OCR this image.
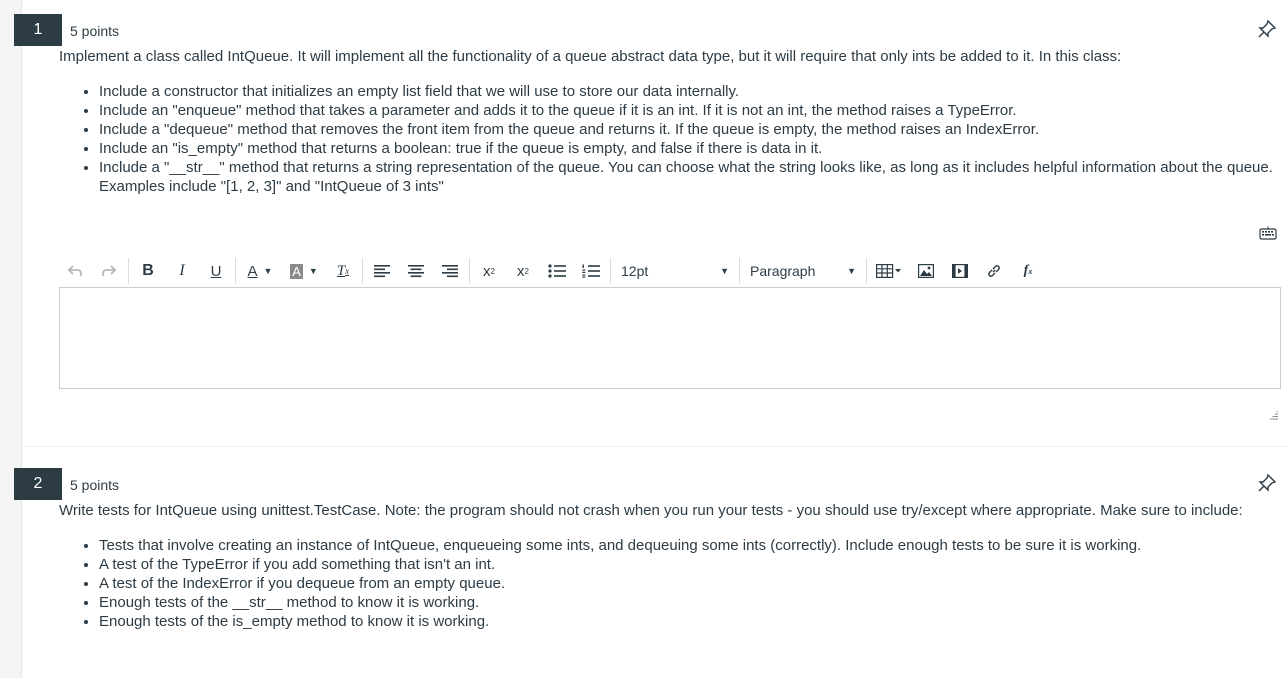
1	5 points

Implement a class called IntQueue. It will implement all the functionality of a queue abstract data type, but it will require that only ints be added to it. In this class:

• Include a constructor that initializes an empty list field that we will use to store our data internally.
• Include an "enqueue" method that takes a parameter and adds it to the queue if it is an int. If it is not an int, the method raises a TypeError.
• Include a "dequeue" method that removes the front item from the queue and returns it. If the queue is empty, the method raises an IndexError.
• Include an "is_empty" method that returns a boolean: true if the queue is empty, and false if there is data in it.
• Include a "__str__" method that returns a string representation of the queue. You can choose what the string looks like, as long as it includes helpful information about the queue. Examples include "[1, 2, 3]" and "IntQueue of 3 ints"
B	I	U	A ▼ A ▼	T x	x 2	x 2	12pt	▼ Paragraph	▼	f x
2	5 points

Write tests for IntQueue using unittest.TestCase. Note: the program should not crash when you run your tests - you should use try/except where appropriate. Make sure to include:

• Tests that involve creating an instance of IntQueue, enqueueing some ints, and dequeuing some ints (correctly). Include enough tests to be sure it is working.
• A test of the TypeError if you add something that isn't an int.
• A test of the IndexError if you dequeue from an empty queue.
• Enough tests of the __str__ method to know it is working.
• Enough tests of the is_empty method to know it is working.
